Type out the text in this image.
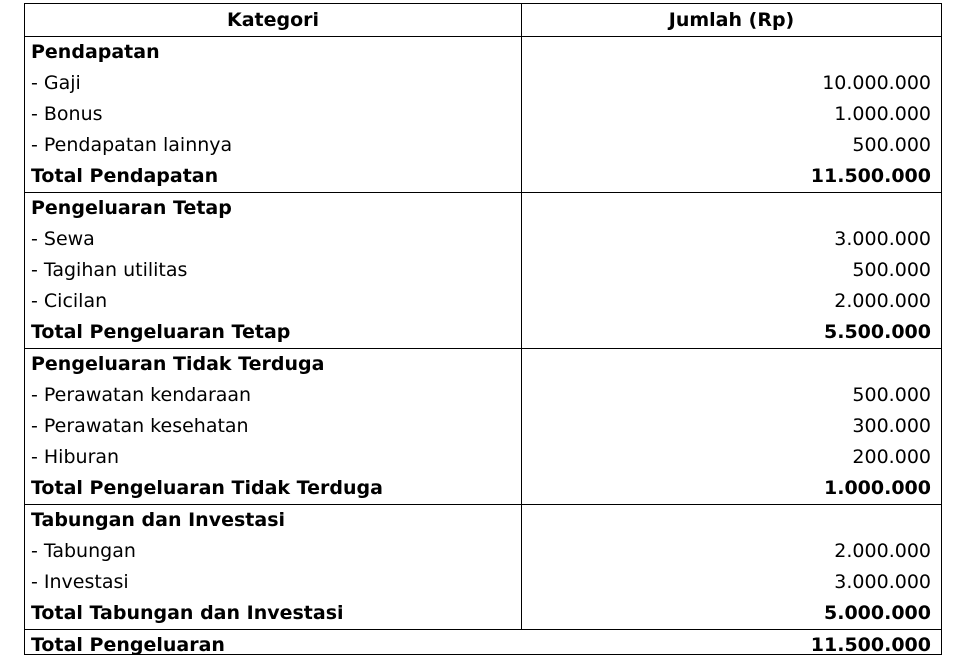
Kategori	Jumlah (Rp)
Pendapatan
- Gaji	10.000.000
- Bonus	1.000.000
- Pendapatan lainnya	500.000
Total Pendapatan	11.500.000
Pengeluaran Tetap
- Sewa	3.000.000
- Tagihan utilitas	500.000
- Cicilan	2.000.000
Total Pengeluaran Tetap	5.500.000
Pengeluaran Tidak Terduga
- Perawatan kendaraan	500.000
- Perawatan kesehatan	300.000
- Hiburan	200.000
Total Pengeluaran Tidak Terduga	1.000.000
Tabungan dan Investasi
- Tabungan	2.000.000
- Investasi	3.000.000
Total Tabungan dan Investasi	5.000.000
Total Pengeluaran	11.500.000
